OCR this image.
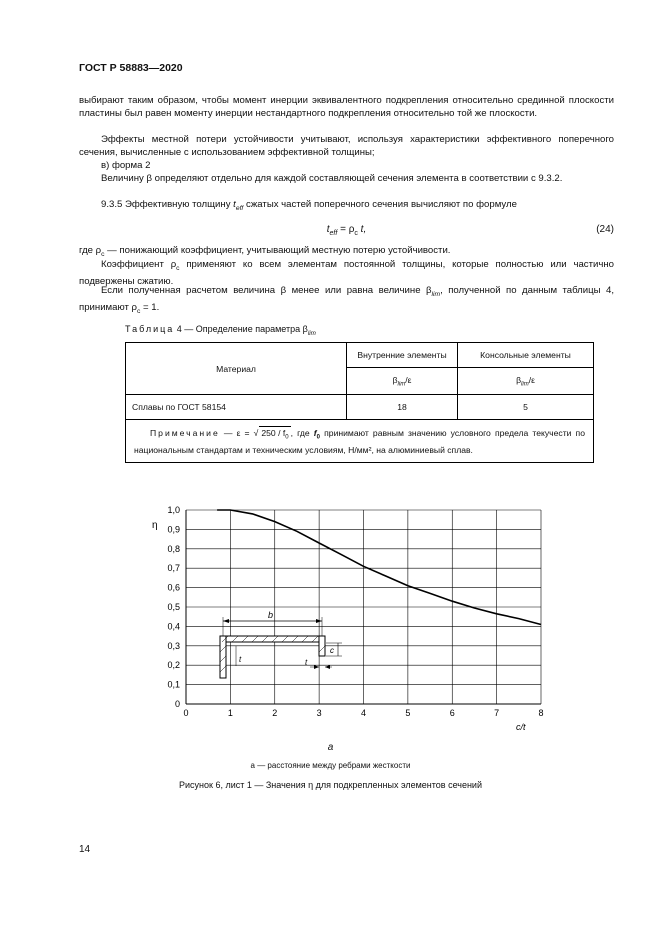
ГОСТ Р 58883—2020
выбирают таким образом, чтобы момент инерции эквивалентного подкрепления относительно срединной плоскости пластины был равен моменту инерции нестандартного подкрепления относительно той же плоскости.
Эффекты местной потери устойчивости учитывают, используя характеристики эффективного поперечного сечения, вычисленные с использованием эффективной толщины;
в) форма 2
Величину β определяют отдельно для каждой составляющей сечения элемента в соответствии с 9.3.2.
9.3.5 Эффективную толщину $t_{eff}$ сжатых частей поперечного сечения вычисляют по формуле
$t_{eff} = \rho_c$ t,	(24)
где $\rho_c$ — понижающий коэффициент, учитывающий местную потерю устойчивости.
Коэффициент $\rho_c$ применяют ко всем элементам постоянной толщины, которые полностью или частично подвержены сжатию.
Если полученная расчетом величина β менее или равна величине $\beta_{lim}$, полученной по данным таблицы 4, принимают $\rho_c = 1$.
Таблица 4 — Определение параметра $\beta_{lim}$
Материал	Внутренние элементы	Консольные элементы
	$\beta_{lim}/\varepsilon$	$\beta_{lim}/\varepsilon$
Сплавы по ГОСТ 58154	18	5
Примечание — ε = √ $250 / f_0$ , где $f_0$ принимают равным значению условного предела текучести по национальным стандартам и техническим условиям, Н/мм², на алюминиевый сплав.		
0
0,1
0,2
0,3
0,4
0,5
0,6
0,7
0,8
0,9
1,0
0	1	2	3	4	5	6	7	8
η
c/t
b
t
c
t
a
a — расстояние между ребрами жесткости
Рисунок 6, лист 1 — Значения η для подкрепленных элементов сечений
14
